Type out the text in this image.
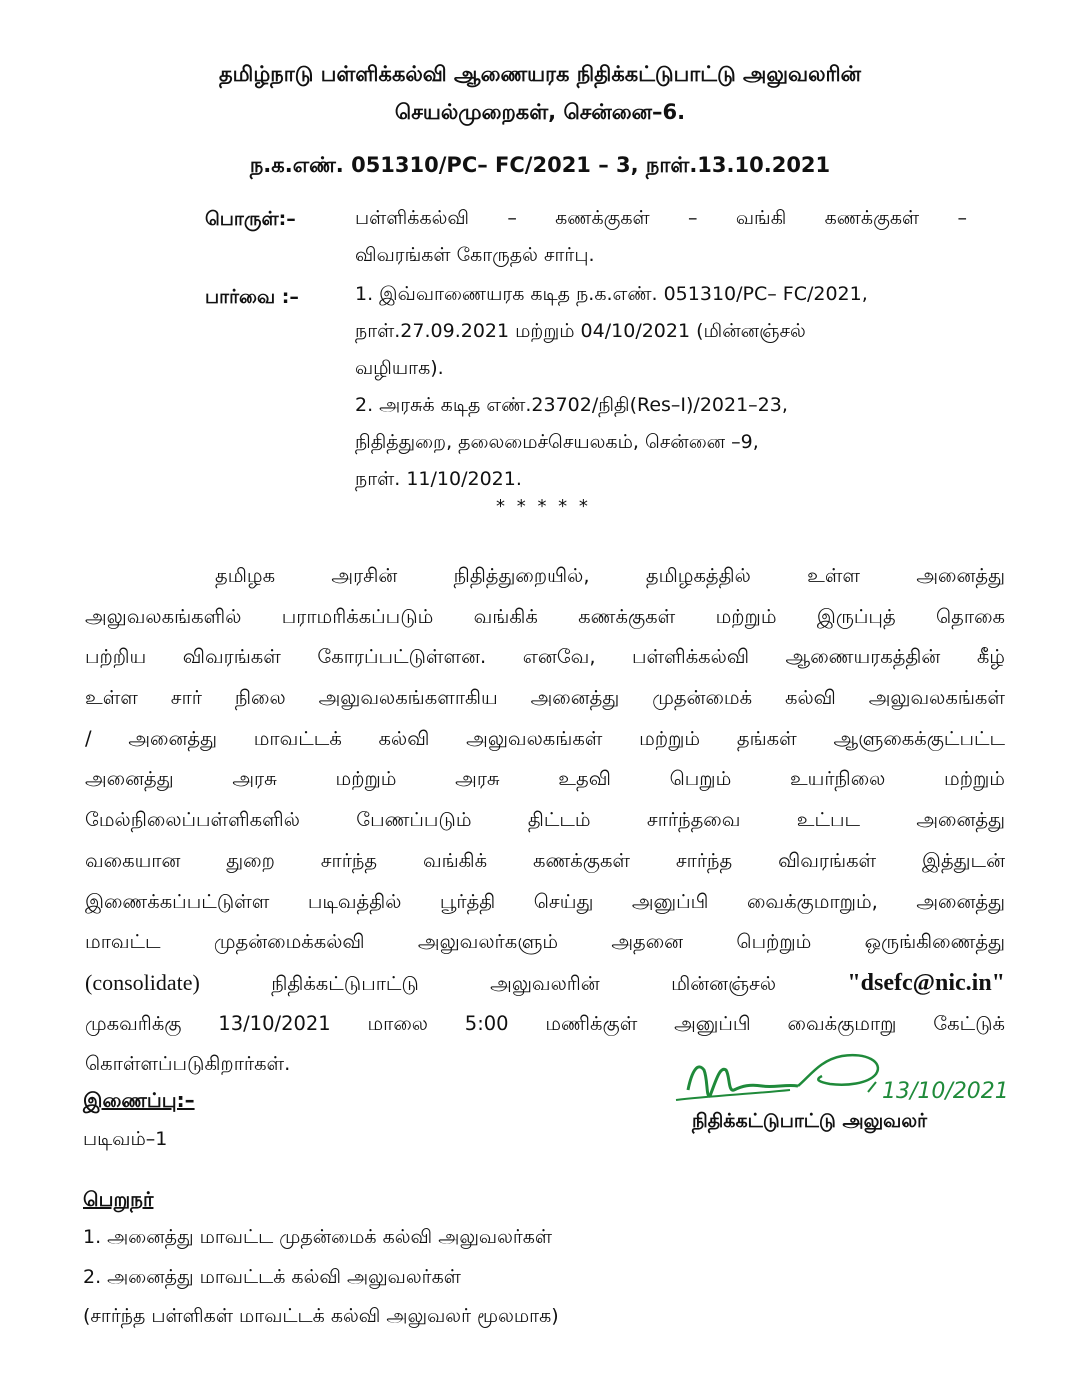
தமிழ்நாடு பள்ளிக்கல்வி ஆணையரக நிதிக்கட்டுபாட்டு அலுவலரின்
செயல்முறைகள், சென்னை–6.
ந.க.எண். 051310/PC– FC/2021 – 3, நாள்.13.10.2021
பொருள்:–	பள்ளிக்கல்வி – கணக்குகள் – வங்கி கணக்குகள் –
விவரங்கள் கோருதல் சார்பு.
பார்வை :–	1. இவ்வாணையரக கடித ந.க.எண். 051310/PC– FC/2021,
நாள்.27.09.2021 மற்றும் 04/10/2021 (மின்னஞ்சல்
வழியாக).
2. அரசுக் கடித எண்.23702/நிதி(Res–I)/2021–23,
நிதித்துறை, தலைமைச்செயலகம், சென்னை –9,
நாள். 11/10/2021.
* * * * *
தமிழக அரசின் நிதித்துறையில், தமிழகத்தில் உள்ள அனைத்து
அலுவலகங்களில் பராமரிக்கப்படும் வங்கிக் கணக்குகள் மற்றும் இருப்புத் தொகை
பற்றிய விவரங்கள் கோரப்பட்டுள்ளன. எனவே, பள்ளிக்கல்வி ஆணையரகத்தின் கீழ்
உள்ள சார் நிலை அலுவலகங்களாகிய அனைத்து முதன்மைக் கல்வி அலுவலகங்கள்
/ அனைத்து மாவட்டக் கல்வி அலுவலகங்கள் மற்றும் தங்கள் ஆளுகைக்குட்பட்ட
அனைத்து அரசு மற்றும் அரசு உதவி பெறும் உயர்நிலை மற்றும்
மேல்நிலைப்பள்ளிகளில் பேணப்படும் திட்டம் சார்ந்தவை உட்பட அனைத்து
வகையான துறை சார்ந்த வங்கிக் கணக்குகள் சார்ந்த விவரங்கள் இத்துடன்
இணைக்கப்பட்டுள்ள படிவத்தில் பூர்த்தி செய்து அனுப்பி வைக்குமாறும், அனைத்து
மாவட்ட முதன்மைக்கல்வி அலுவலர்களும் அதனை பெற்றும் ஒருங்கிணைத்து
(consolidate)	நிதிக்கட்டுபாட்டு அலுவலரின் மின்னஞ்சல் "dsefc@nic.in"
முகவரிக்கு 13/10/2021 மாலை 5:00 மணிக்குள் அனுப்பி வைக்குமாறு கேட்டுக்
கொள்ளப்படுகிறார்கள்.
13/10/2021
நிதிக்கட்டுபாட்டு அலுவலர்
இணைப்பு:–
படிவம்–1
பெறுநர்
1. அனைத்து மாவட்ட முதன்மைக் கல்வி அலுவலர்கள்
2. அனைத்து மாவட்டக் கல்வி அலுவலர்கள்
(சார்ந்த பள்ளிகள் மாவட்டக் கல்வி அலுவலர் மூலமாக)
